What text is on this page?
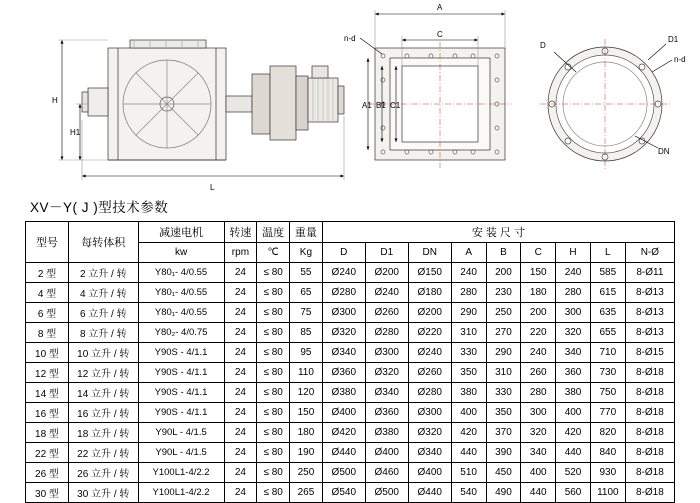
H
H1
L
A
C
n-d
A1 B1 C1
D
D1
n-d
DN
XV－Y( J )型技术参数
型号	每转体积	减速电机	转速	温度	重量	安 装 尺 寸								
		kw	rpm	℃	Kg	D	D1	DN	A	B	C	H	L	N-Ø
2 型	2 立升 / 转	Y80₁- 4/0.55	24	≤ 80	55	Ø240	Ø200	Ø150	240	200	150	240	585	8-Ø11
4 型	4 立升 / 转	Y80₁- 4/0.55	24	≤ 80	65	Ø280	Ø240	Ø180	280	230	180	280	615	8-Ø13
6 型	6 立升 / 转	Y80₁- 4/0.55	24	≤ 80	75	Ø300	Ø260	Ø200	290	250	200	300	635	8-Ø13
8 型	8 立升 / 转	Y80₂- 4/0.75	24	≤ 80	85	Ø320	Ø280	Ø220	310	270	220	320	655	8-Ø13
10 型	10 立升 / 转	Y90S - 4/1.1	24	≤ 80	95	Ø340	Ø300	Ø240	330	290	240	340	710	8-Ø15
12 型	12 立升 / 转	Y90S - 4/1.1	24	≤ 80	110	Ø360	Ø320	Ø260	350	310	260	360	730	8-Ø18
14 型	14 立升 / 转	Y90S - 4/1.1	24	≤ 80	120	Ø380	Ø340	Ø280	380	330	280	380	750	8-Ø18
16 型	16 立升 / 转	Y90S - 4/1.1	24	≤ 80	150	Ø400	Ø360	Ø300	400	350	300	400	770	8-Ø18
18 型	18 立升 / 转	Y90L - 4/1.5	24	≤ 80	180	Ø420	Ø380	Ø320	420	370	320	420	820	8-Ø18
22 型	22 立升 / 转	Y90L - 4/1.5	24	≤ 80	190	Ø440	Ø400	Ø340	440	390	340	440	840	8-Ø18
26 型	26 立升 / 转	Y100L1-4/2.2	24	≤ 80	250	Ø500	Ø460	Ø400	510	450	400	520	930	8-Ø18
30 型	30 立升 / 转	Y100L1-4/2.2	24	≤ 80	265	Ø540	Ø500	Ø440	540	490	440	560	1100	8-Ø18
